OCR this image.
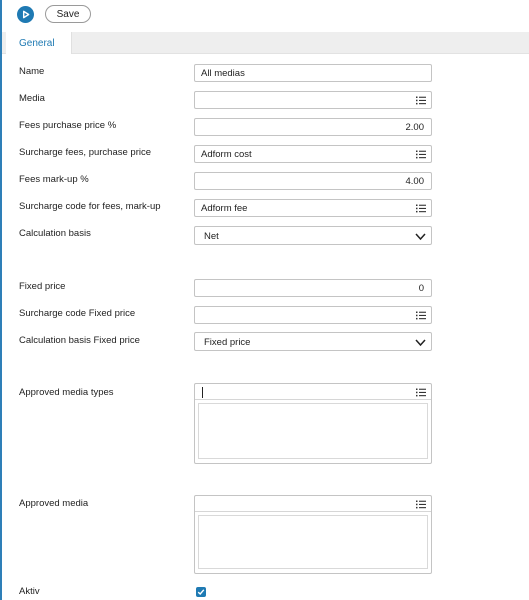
Save
General
Name	All medias
Media
Fees purchase price %	2.00
Surcharge fees, purchase price	Adform cost
Fees mark-up %	4.00
Surcharge code for fees, mark-up	Adform fee
Calculation basis	Net
Fixed price	0
Surcharge code Fixed price
Calculation basis Fixed price	Fixed price
Approved media types
Approved media
Aktiv
